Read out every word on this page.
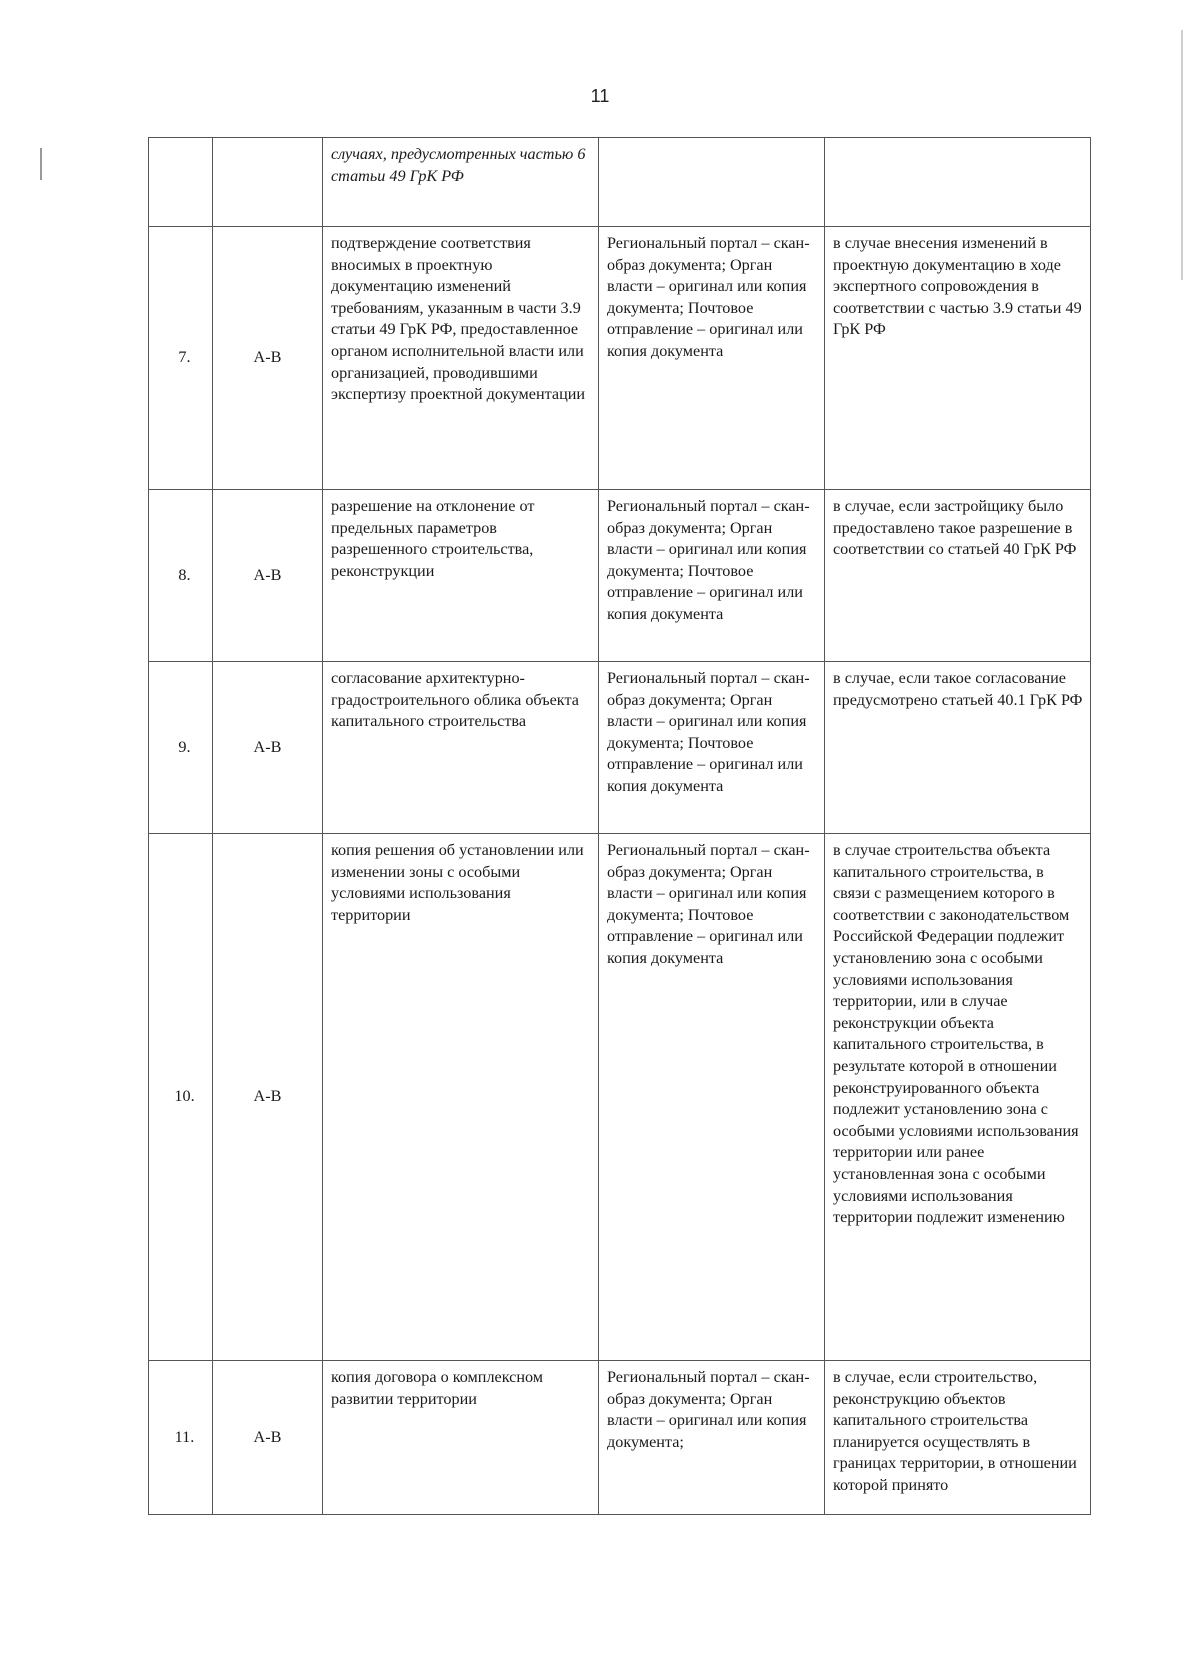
11
		случаях, предусмотренных частью 6 статьи 49 ГрК РФ		
7.	А-В	подтверждение соответствия вносимых в проектную документацию изменений требованиям, указанным в части 3.9 статьи 49 ГрК РФ, предоставленное органом исполнительной власти или организацией, проводившими экспертизу проектной документации	Региональный портал – скан-образ документа; Орган власти – оригинал или копия документа; Почтовое отправление – оригинал или копия документа	в случае внесения изменений в проектную документацию в ходе экспертного сопровождения в соответствии с частью 3.9 статьи 49 ГрК РФ
8.	А-В	разрешение на отклонение от предельных параметров разрешенного строительства, реконструкции	Региональный портал – скан-образ документа; Орган власти – оригинал или копия документа; Почтовое отправление – оригинал или копия документа	в случае, если застройщику было предоставлено такое разрешение в соответствии со статьей 40 ГрК РФ
9.	А-В	согласование архитектурно-градостроительного облика объекта капитального строительства	Региональный портал – скан-образ документа; Орган власти – оригинал или копия документа; Почтовое отправление – оригинал или копия документа	в случае, если такое согласование предусмотрено статьей 40.1 ГрК РФ
10.	А-В	копия решения об установлении или изменении зоны с особыми условиями использования территории	Региональный портал – скан-образ документа; Орган власти – оригинал или копия документа; Почтовое отправление – оригинал или копия документа	в случае строительства объекта капитального строительства, в связи с размещением которого в соответствии с законодательством Российской Федерации подлежит установлению зона с особыми условиями использования территории, или в случае реконструкции объекта капитального строительства, в результате которой в отношении реконструированного объекта подлежит установлению зона с особыми условиями использования территории или ранее установленная зона с особыми условиями использования территории подлежит изменению
11.	А-В	копия договора о комплексном развитии территории	Региональный портал – скан-образ документа; Орган власти – оригинал или копия документа;	в случае, если строительство, реконструкцию объектов капитального строительства планируется осуществлять в границах территории, в отношении которой принято
